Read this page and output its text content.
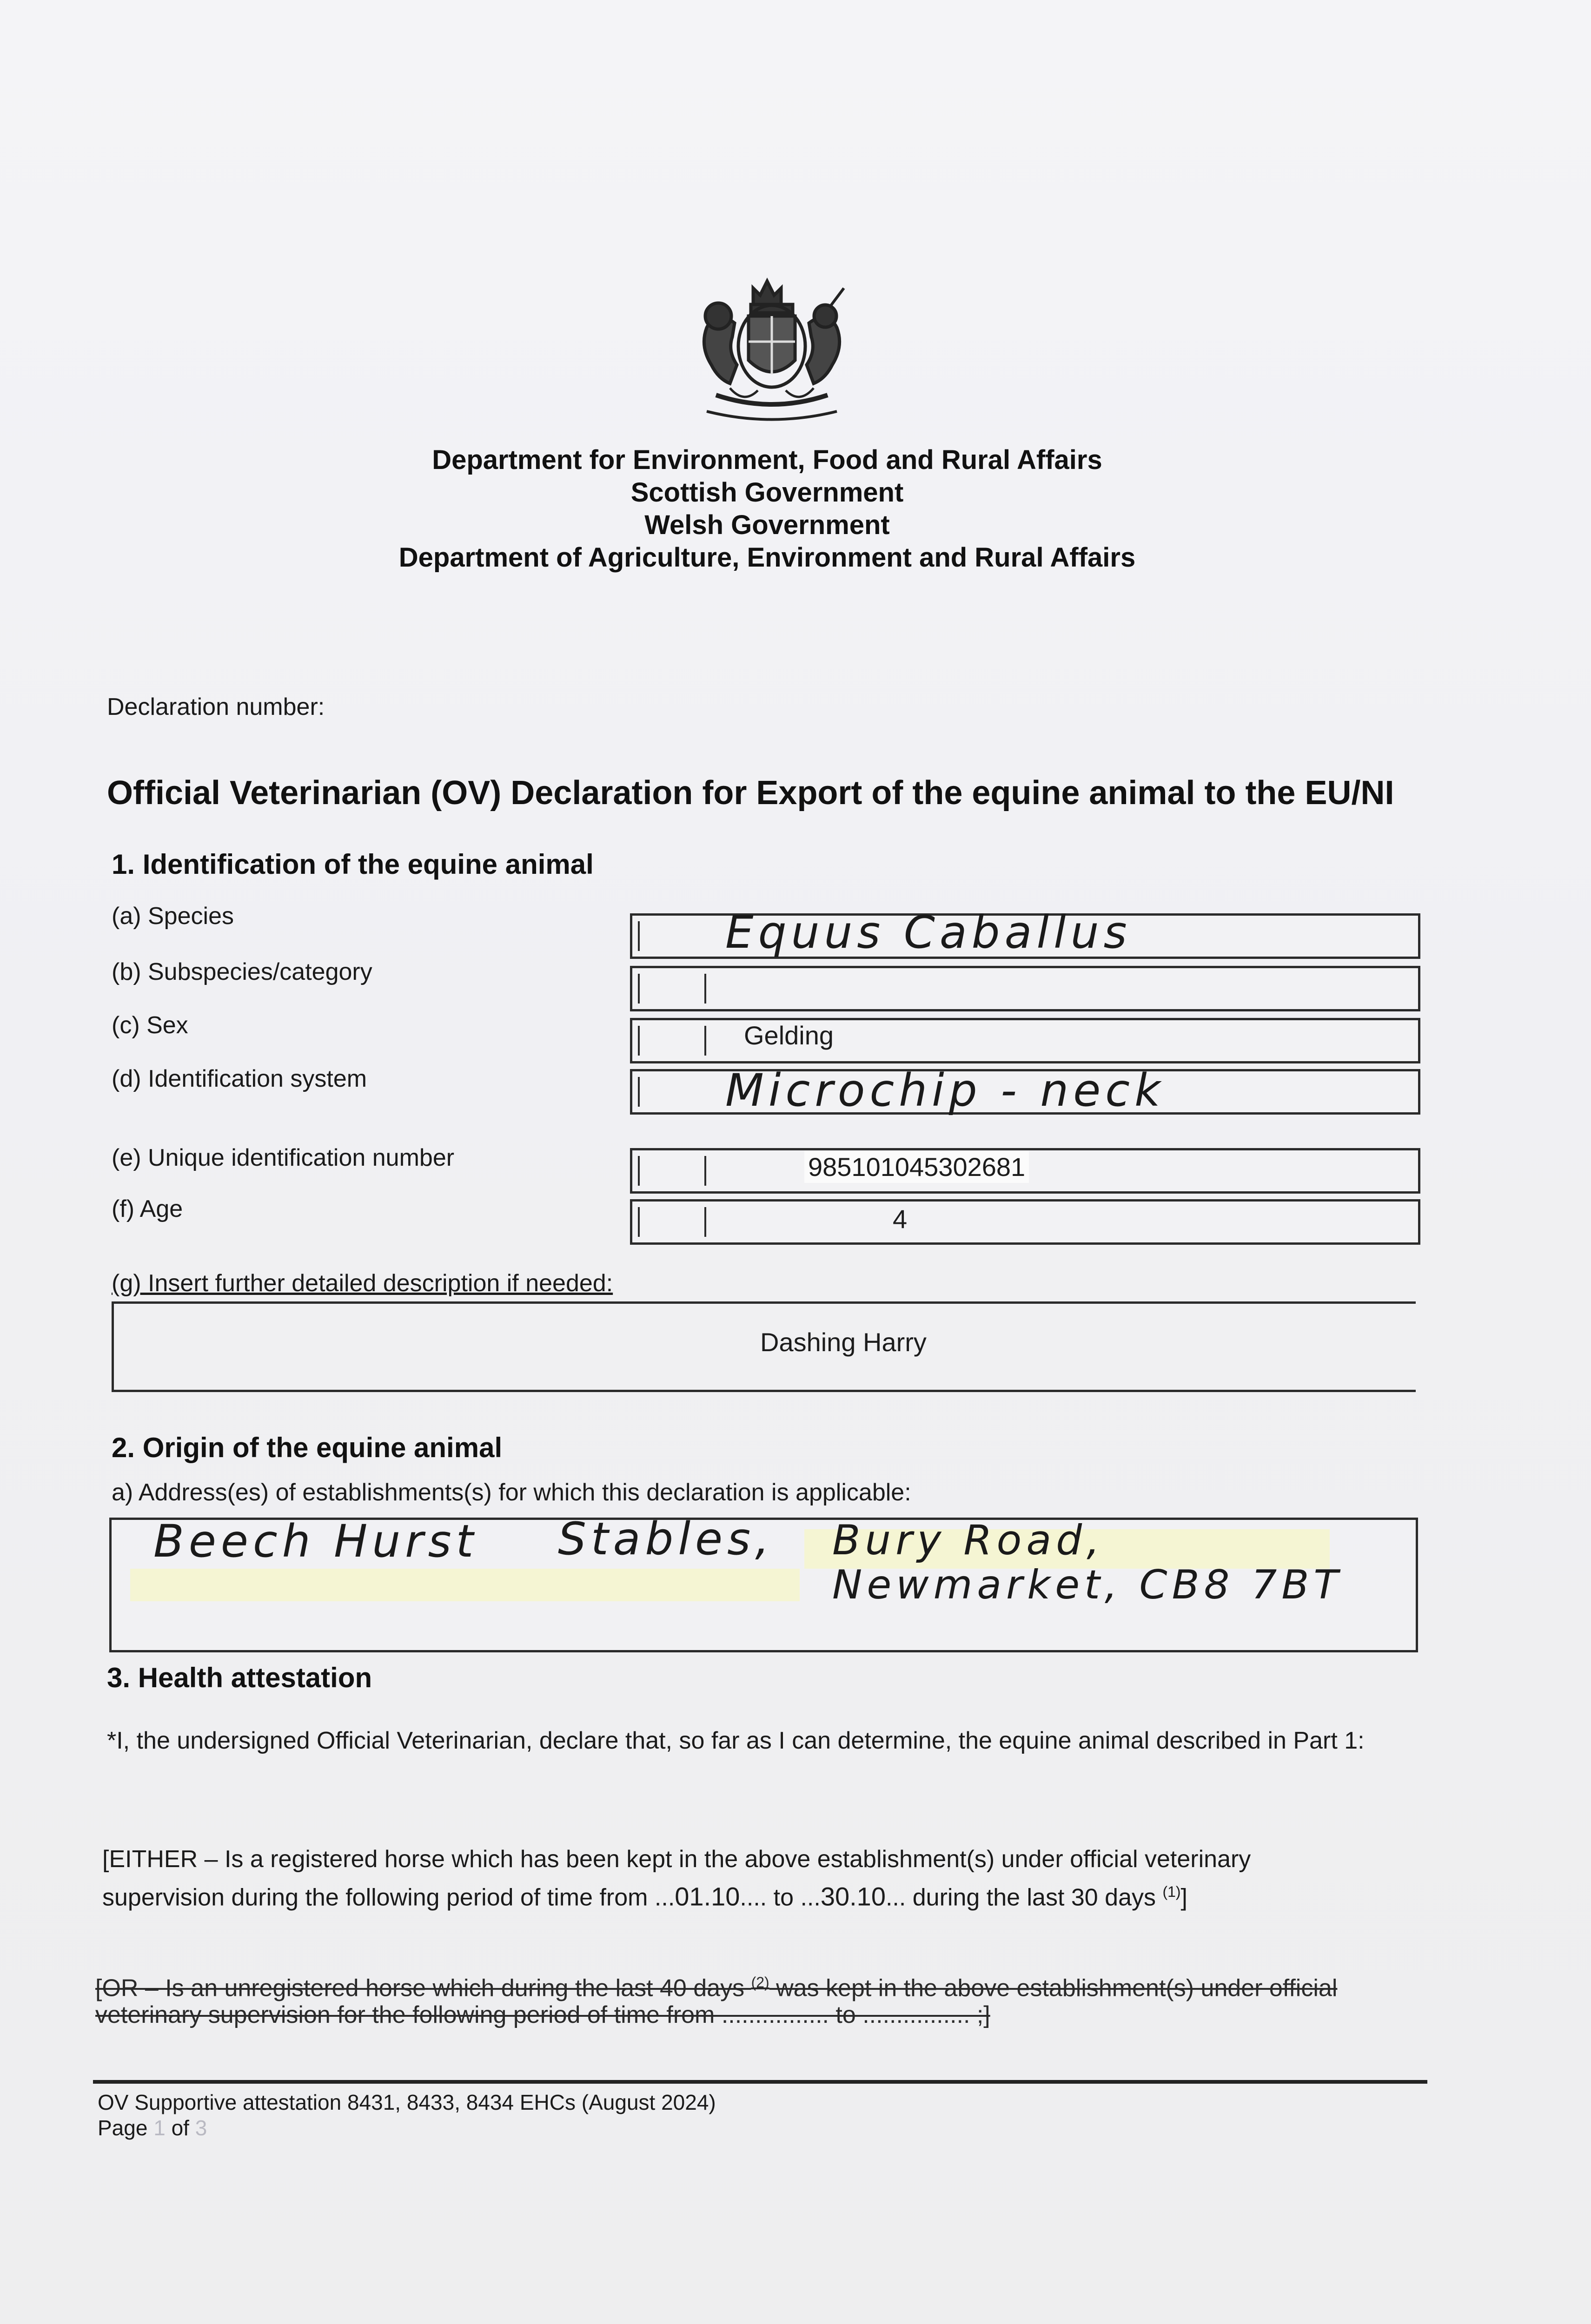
Department for Environment, Food and Rural Affairs
Scottish Government
Welsh Government
Department of Agriculture, Environment and Rural Affairs
Declaration number:
Official Veterinarian (OV) Declaration for Export of the equine animal to the EU/NI
1. Identification of the equine animal
(a) Species
(b) Subspecies/category
(c) Sex
(d) Identification system
(e) Unique identification number
(f) Age
Equus Caballus
Gelding
Microchip - neck
985101045302681
4
(g) Insert further detailed description if needed:
Dashing Harry
2. Origin of the equine animal
a) Address(es) of establishments(s) for which this declaration is applicable:
Beech Hurst Stables, Bury Road,
Newmarket, CB8 7BT
3. Health attestation
*I, the undersigned Official Veterinarian, declare that, so far as I can determine, the equine animal described in Part 1:
[EITHER – Is a registered horse which has been kept in the above establishment(s) under official veterinary
supervision during the following period of time from ...01.10.... to ...30.10... during the last 30 days $^{(1)}$]
[OR – Is an unregistered horse which during the last 40 days $^{(2)}$ was kept in the above establishment(s) under official
veterinary supervision for the following period of time from ................ to ................ ;]
OV Supportive attestation 8431, 8433, 8434 EHCs (August 2024)
Page 1 of 3
